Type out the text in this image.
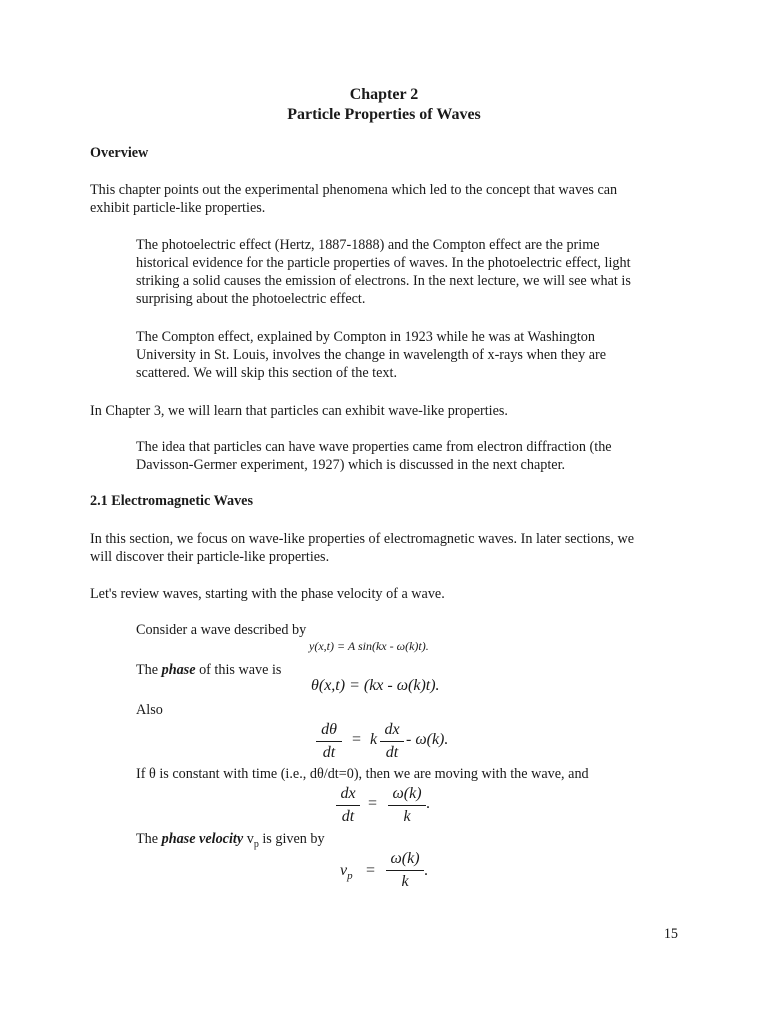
Chapter 2
Particle Properties of Waves
Overview
This chapter points out the experimental phenomena which led to the concept that waves can
exhibit particle-like properties.
The photoelectric effect (Hertz, 1887-1888) and the Compton effect are the prime
historical evidence for the particle properties of waves. In the photoelectric effect, light
striking a solid causes the emission of electrons. In the next lecture, we will see what is
surprising about the photoelectric effect.
The Compton effect, explained by Compton in 1923 while he was at Washington
University in St. Louis, involves the change in wavelength of x-rays when they are
scattered. We will skip this section of the text.
In Chapter 3, we will learn that particles can exhibit wave-like properties.
The idea that particles can have wave properties came from electron diffraction (the
Davisson-Germer experiment, 1927) which is discussed in the next chapter.
2.1 Electromagnetic Waves
In this section, we focus on wave-like properties of electromagnetic waves. In later sections, we
will discover their particle-like properties.
Let's review waves, starting with the phase velocity of a wave.
Consider a wave described by
y(x,t) = A sin(kx - ω(k)t).
The phase of this wave is
θ(x,t) = (kx - ω(k)t).
Also
dθ
dt
= k
dx
dt
- ω(k).
If θ is constant with time (i.e., dθ/dt=0), then we are moving with the wave, and
dx
dt
=
ω(k)
k
.
The phase velocity $v_p$ is given by
$v_p$ =
ω(k)
k
.
15
